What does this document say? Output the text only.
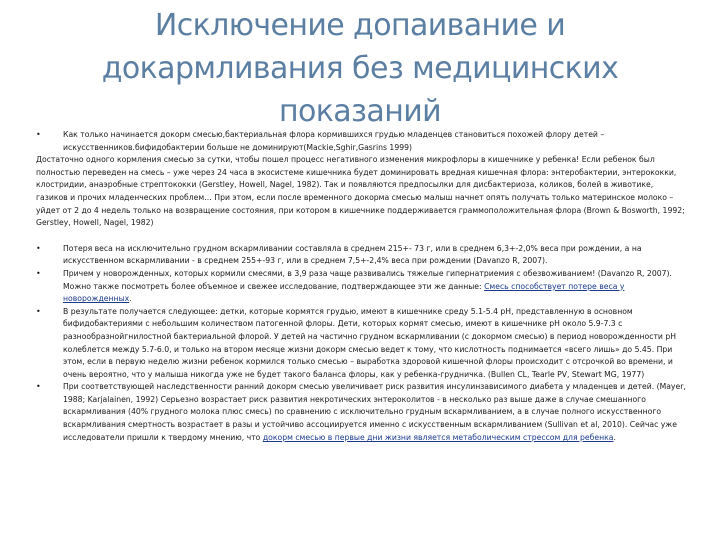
Исключение допаивание и докармливания без медицинских показаний
•	Как только начинается докорм смесью,бактериальная флора кормившихся грудью младенцев становиться похожей флору детей – искусственников.бифидобактерии больше не доминируют(Mackie,Sghir,Gasrins 1999)

Достаточно одного кормления смесью за сутки, чтобы пошел процесс негативного изменения микрофлоры в кишечнике у ребенка! Если ребенок был полностью переведен на смесь – уже через 24 часа в экосистеме кишечника будет доминировать вредная кишечная флора: энтеробактерии, энтерококки, клостридии, анаэробные стрептококки (Gerstley, Howell, Nagel, 1982). Так и появляются предпосылки для дисбактериоза, коликов, болей в животике, газиков и прочих младенческих проблем… При этом, если после временного докорма смесью малыш начнет опять получать только материнское молоко – уйдет от 2 до 4 недель только на возвращение состояния, при котором в кишечнике поддерживается граммоположительная флора (Brown & Bosworth, 1992; Gerstley, Howell, Nagel, 1982)

•	Потеря веса на исключительно грудном вскармливании составляла в среднем 215+- 73 г, или в среднем 6,3+-2,0% веса при рождении, а на искусственном вскармливании - в среднем 255+-93 г, или в среднем 7,5+-2,4% веса при рождении (Davanzo R, 2007).
•	Причем у новорожденных, которых кормили смесями, в 3,9 раза чаще развивались тяжелые гипернатриемия с обезвоживанием! (Davanzo R, 2007). Можно также посмотреть более объемное и свежее исследование, подтверждающее эти же данные: Смесь способствует потере веса у новорожденных.
•	В результате получается следующее: детки, которые кормятся грудью, имеют в кишечнике среду 5.1-5.4 pH, представленную в основном бифидобактериями с небольшим количеством патогенной флоры. Дети, которых кормят смесью, имеют в кишечнике pH около 5.9-7.3 с разнообразнойгнилостной бактериальной флорой. У детей на частично грудном вскармливании (с докормом смесью) в период новорожденности pH колеблется между 5.7-6.0, и только на втором месяце жизни докорм смесью ведет к тому, что кислотность поднимается «всего лишь» до 5.45. При этом, если в первую неделю жизни ребенок кормился только смесью – выработка здоровой кишечной флоры происходит с отсрочкой во времени, и очень вероятно, что у малыша никогда уже не будет такого баланса флоры, как у ребенка-грудничка. (Bullen CL, Tearle PV, Stewart MG, 1977)
•	При соответствующей наследственности ранний докорм смесью увеличивает риск развития инсулинзависимого диабета у младенцев и детей. (Mayer, 1988; Karjalainen, 1992) Серьезно возрастает риск развития некротических энтероколитов - в несколько раз выше даже в случае смешанного вскармливания (40% грудного молока плюс смесь) по сравнению с исключительно грудным вскармливанием, а в случае полного искусственного вскармливания смертность возрастает в разы и устойчиво ассоциируется именно с искусственным вскармливанием (Sullivan et al, 2010). Сейчас уже исследователи пришли к твердому мнению, что докорм смесью в первые дни жизни является метаболическим стрессом для ребенка.
